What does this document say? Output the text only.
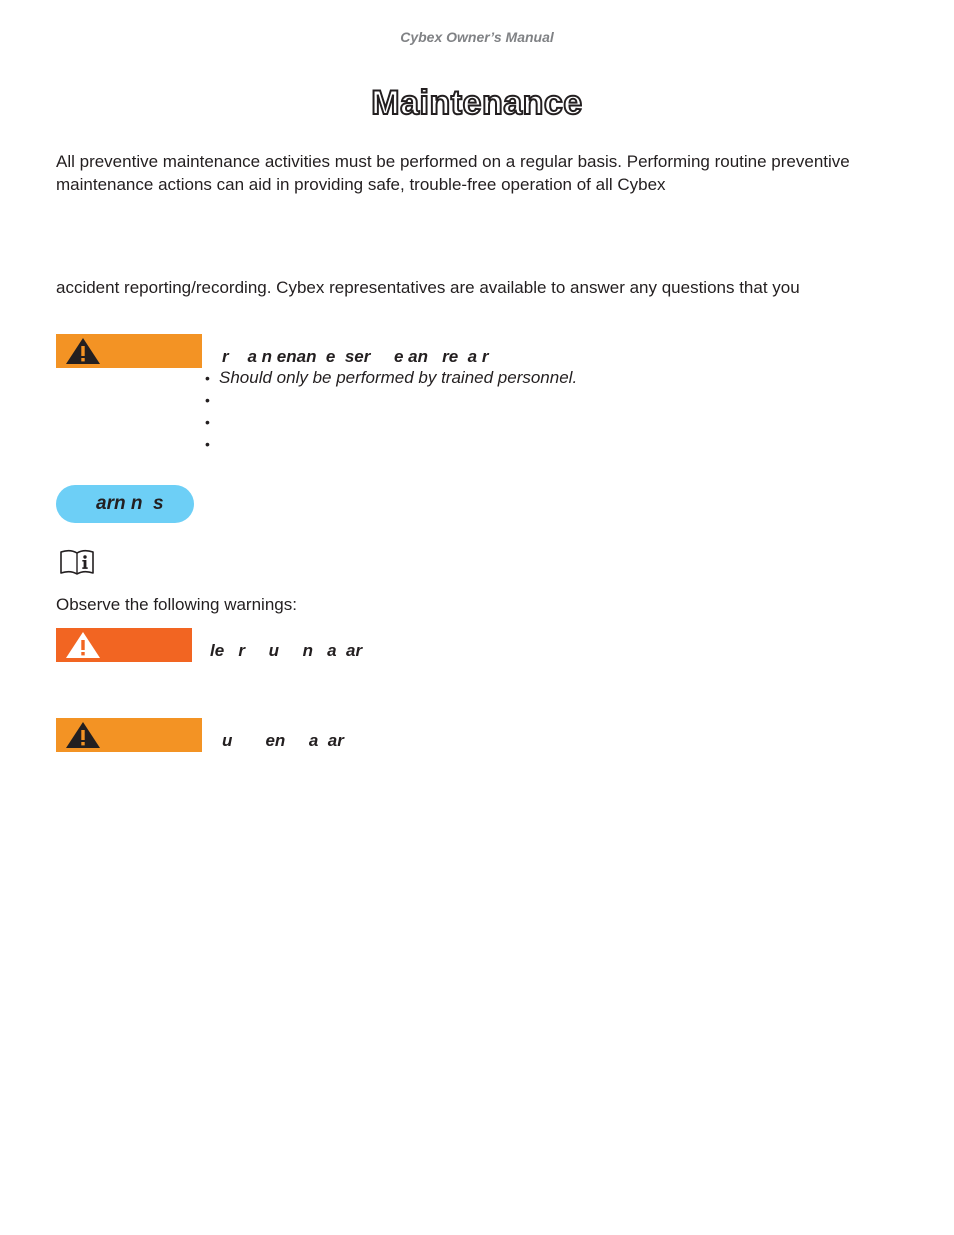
Cybex Owner’s Manual
Maintenance

All preventive maintenance activities must be performed on a regular basis. Performing routine preventive maintenance actions can aid in providing safe, trouble-free operation of all Cybex

accident reporting/recording. Cybex representatives are available to answer any questions that you

r    a n enan  e  ser     e an   re  a r
• Should only be performed by trained personnel.
•
•
•
arn n  s

Observe the following warnings:

le   r     u     n   a  ar
u       en     a  ar
